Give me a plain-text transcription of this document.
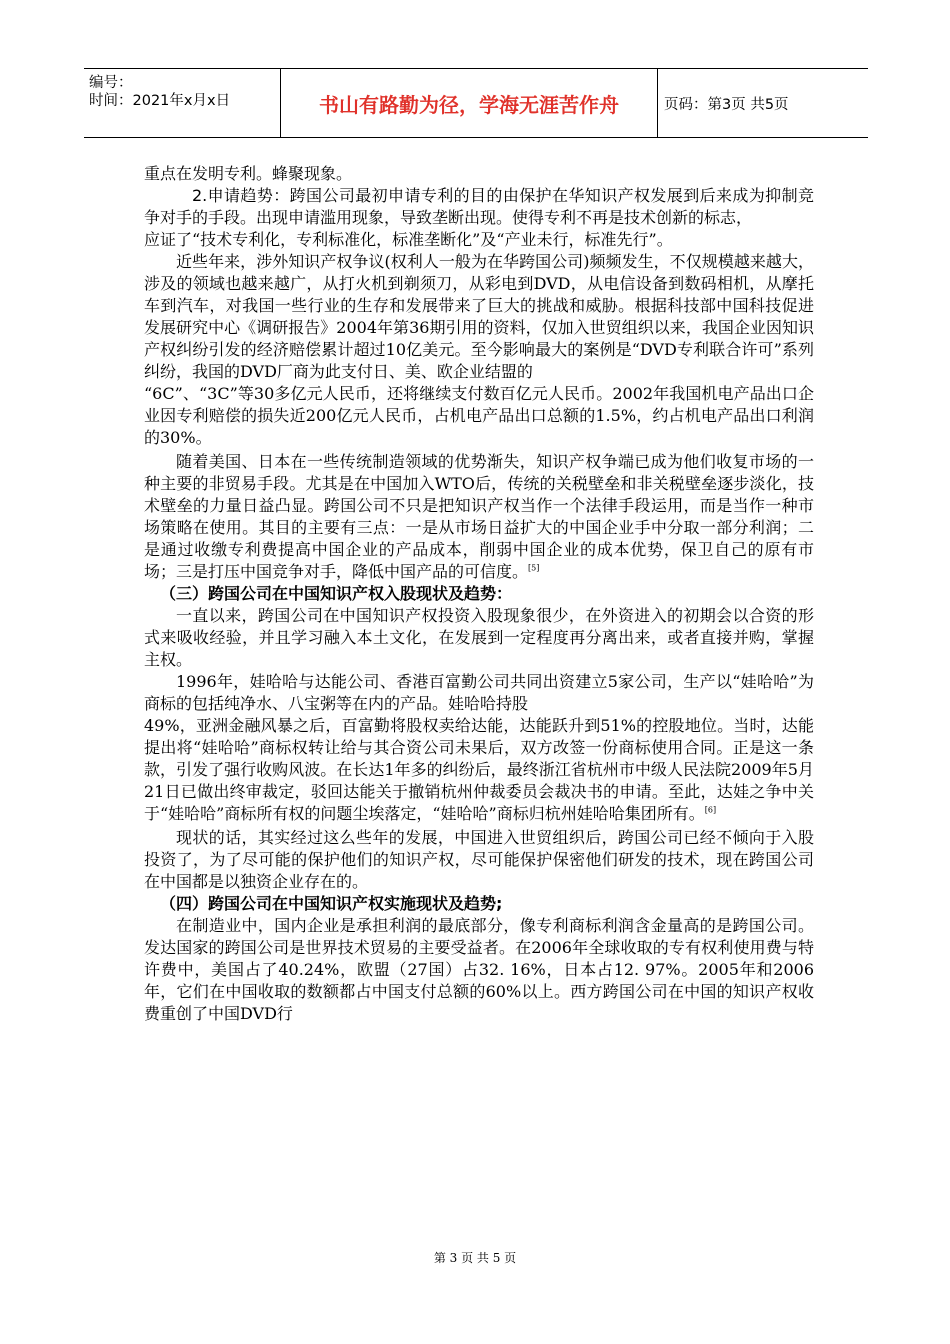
编号：
时间：2021年x月x日	书山有路勤为径，学海无涯苦作舟	页码：第3页 共5页

重点在发明专利。蜂聚现象。

2.申请趋势：跨国公司最初申请专利的目的由保护在华知识产权发展到后来成为抑制竞争对手的手段。出现申请滥用现象，导致垄断出现。使得专利不再是技术创新的标志，

应证了“技术专利化，专利标准化，标准垄断化”及“产业未行，标准先行”。

近些年来，涉外知识产权争议(权利人一般为在华跨国公司)频频发生，不仅规模越来越大，涉及的领域也越来越广，从打火机到剃须刀，从彩电到DVD，从电信设备到数码相机，从摩托车到汽车，对我国一些行业的生存和发展带来了巨大的挑战和威胁。根据科技部中国科技促进发展研究中心《调研报告》2004年第36期引用的资料，仅加入世贸组织以来，我国企业因知识产权纠纷引发的经济赔偿累计超过10亿美元。至今影响最大的案例是“DVD专利联合许可”系列纠纷，我国的DVD厂商为此支付日、美、欧企业结盟的

“6C”、“3C”等30多亿元人民币，还将继续支付数百亿元人民币。2002年我国机电产品出口企业因专利赔偿的损失近200亿元人民币，占机电产品出口总额的1.5%，约占机电产品出口利润的30%。

随着美国、日本在一些传统制造领域的优势渐失，知识产权争端已成为他们收复市场的一种主要的非贸易手段。尤其是在中国加入WTO后，传统的关税壁垒和非关税壁垒逐步淡化，技术壁垒的力量日益凸显。跨国公司不只是把知识产权当作一个法律手段运用，而是当作一种市场策略在使用。其目的主要有三点：一是从市场日益扩大的中国企业手中分取一部分利润；二是通过收缴专利费提高中国企业的产品成本，削弱中国企业的成本优势，保卫自己的原有市场；三是打压中国竞争对手，降低中国产品的可信度。[5]

（三）跨国公司在中国知识产权入股现状及趋势：

一直以来，跨国公司在中国知识产权投资入股现象很少，在外资进入的初期会以合资的形式来吸收经验，并且学习融入本土文化，在发展到一定程度再分离出来，或者直接并购，掌握主权。

1996年，娃哈哈与达能公司、香港百富勤公司共同出资建立5家公司，生产以“娃哈哈”为商标的包括纯净水、八宝粥等在内的产品。娃哈哈持股

49%，亚洲金融风暴之后，百富勤将股权卖给达能，达能跃升到51%的控股地位。当时，达能提出将“娃哈哈”商标权转让给与其合资公司未果后，双方改签一份商标使用合同。正是这一条款，引发了强行收购风波。在长达1年多的纠纷后，最终浙江省杭州市中级人民法院2009年5月21日已做出终审裁定，驳回达能关于撤销杭州仲裁委员会裁决书的申请。至此，达娃之争中关于“娃哈哈”商标所有权的问题尘埃落定，“娃哈哈”商标归杭州娃哈哈集团所有。[6]

现状的话，其实经过这么些年的发展，中国进入世贸组织后，跨国公司已经不倾向于入股投资了，为了尽可能的保护他们的知识产权，尽可能保护保密他们研发的技术，现在跨国公司在中国都是以独资企业存在的。

（四）跨国公司在中国知识产权实施现状及趋势;

在制造业中，国内企业是承担利润的最底部分，像专利商标利润含金量高的是跨国公司。发达国家的跨国公司是世界技术贸易的主要受益者。在2006年全球收取的专有权利使用费与特许费中，美国占了40.24%，欧盟（27国）占32. 16%，日本占12. 97%。2005年和2006年，它们在中国收取的数额都占中国支付总额的60%以上。西方跨国公司在中国的知识产权收费重创了中国DVD行

第 3 页 共 5 页
